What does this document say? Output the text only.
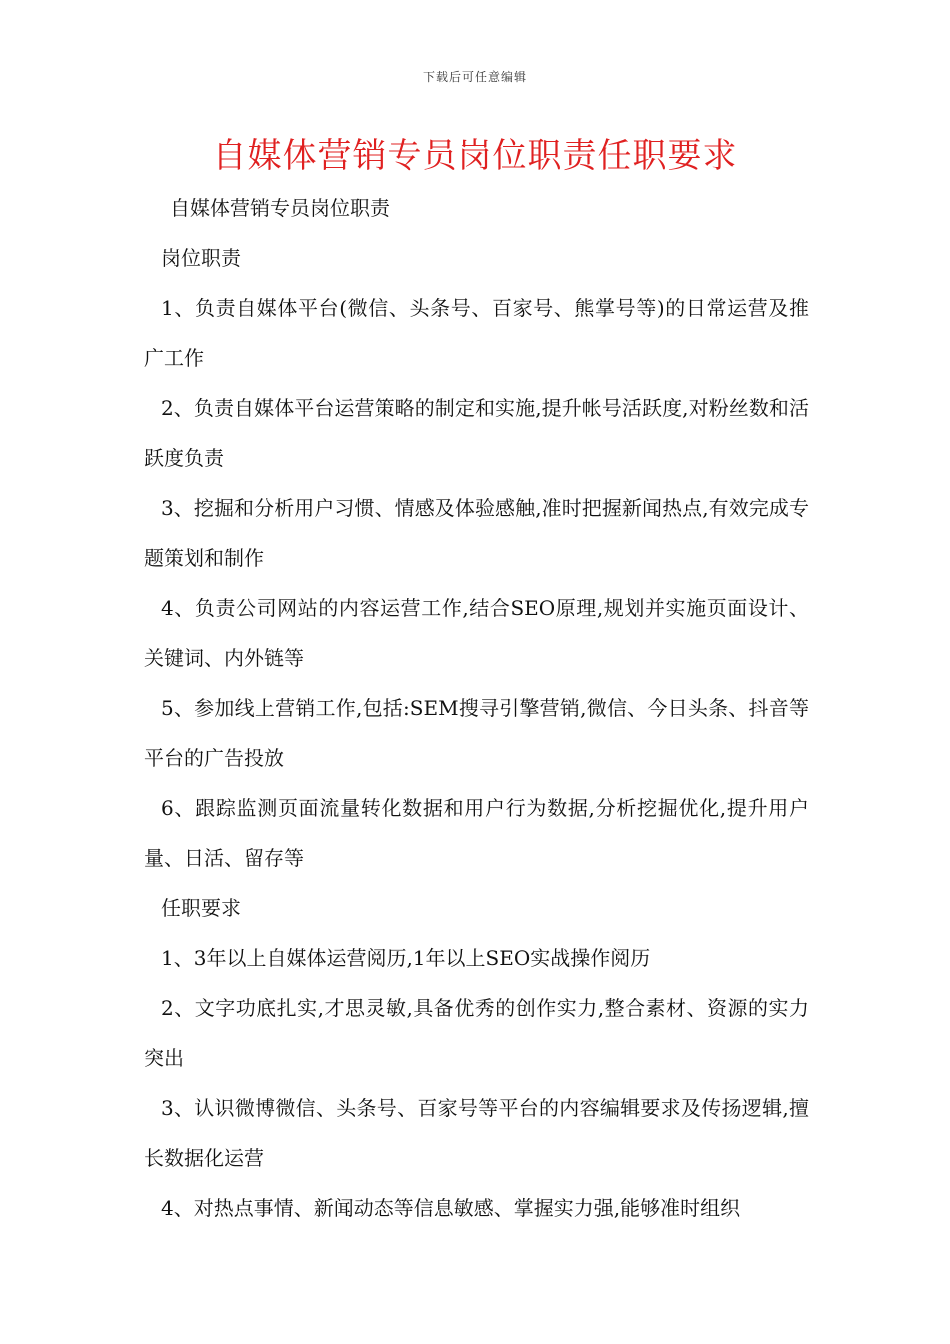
下载后可任意编辑
自媒体营销专员岗位职责任职要求

自媒体营销专员岗位职责

岗位职责

1、负责自媒体平台(微信、头条号、百家号、熊掌号等)的日常运营及推广工作

2、负责自媒体平台运营策略的制定和实施,提升帐号活跃度,对粉丝数和活跃度负责

3、挖掘和分析用户习惯、情感及体验感触,准时把握新闻热点,有效完成专题策划和制作

4、负责公司网站的内容运营工作,结合SEO原理,规划并实施页面设计、关键词、内外链等

5、参加线上营销工作,包括:SEM搜寻引擎营销,微信、今日头条、抖音等平台的广告投放

6、跟踪监测页面流量转化数据和用户行为数据,分析挖掘优化,提升用户量、日活、留存等

任职要求

1、3年以上自媒体运营阅历,1年以上SEO实战操作阅历

2、文字功底扎实,才思灵敏,具备优秀的创作实力,整合素材、资源的实力突出

3、认识微博微信、头条号、百家号等平台的内容编辑要求及传扬逻辑,擅长数据化运营

4、对热点事情、新闻动态等信息敏感、掌握实力强,能够准时组织
